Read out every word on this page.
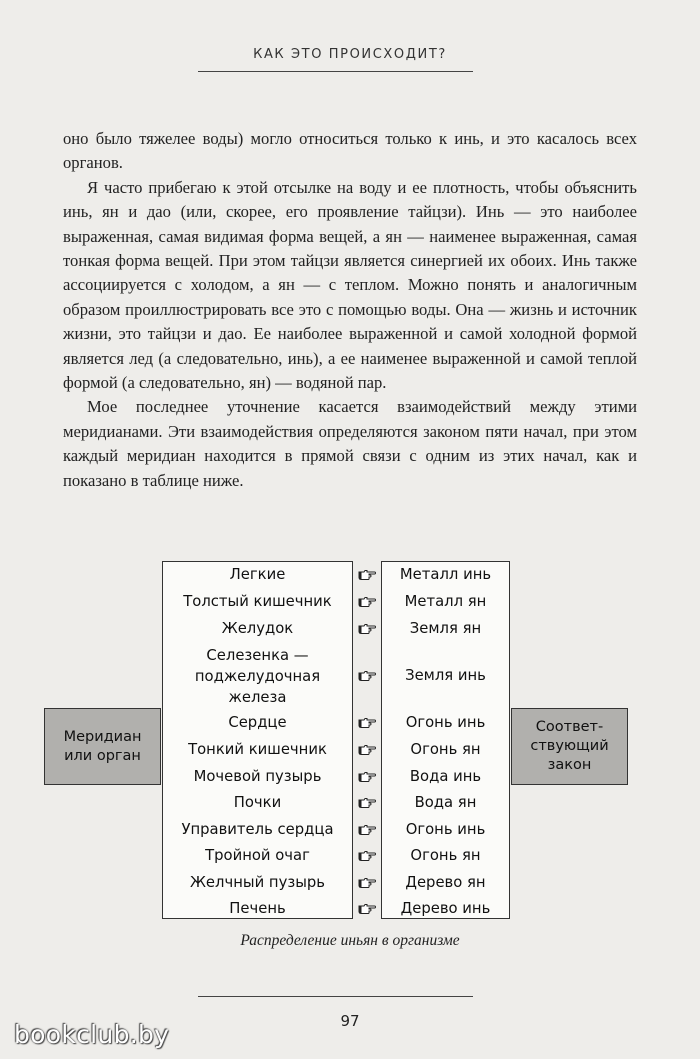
КАК ЭТО ПРОИСХОДИТ?

оно было тяжелее воды) могло относиться только к инь, и это касалось всех органов.

Я часто прибегаю к этой отсылке на воду и ее плотность, чтобы объяснить инь, ян и дао (или, скорее, его проявление тайцзи). Инь — это наиболее выраженная, самая видимая форма вещей, а ян — наименее выраженная, самая тонкая форма вещей. При этом тайцзи является синергией их обоих. Инь также ассоциируется с холодом, а ян — с теплом. Можно понять и аналогичным образом проиллюстрировать все это с помощью воды. Она — жизнь и источник жизни, это тайцзи и дао. Ее наиболее выраженной и самой холодной формой является лед (а следовательно, инь), а ее наименее выраженной и самой теплой формой (а следовательно, ян) — водяной пар.

Мое последнее уточнение касается взаимодействий между этими меридианами. Эти взаимодействия определяются законом пяти начал, при этом каждый меридиан находится в прямой связи с одним из этих начал, как и показано в таблице ниже.

Меридиан или орган
Легкие
Толстый кишечник
Желудок
Селезенка — поджелудочная железа
Сердце
Тонкий кишечник
Мочевой пузырь
Почки
Управитель сердца
Тройной очаг
Желчный пузырь
Печень
Металл инь
Металл ян
Земля ян
Земля инь
Огонь инь
Огонь ян
Вода инь
Вода ян
Огонь инь
Огонь ян
Дерево ян
Дерево инь
Соответ-ствующий закон
Распределение иньян в организме
97
bookclub.by
